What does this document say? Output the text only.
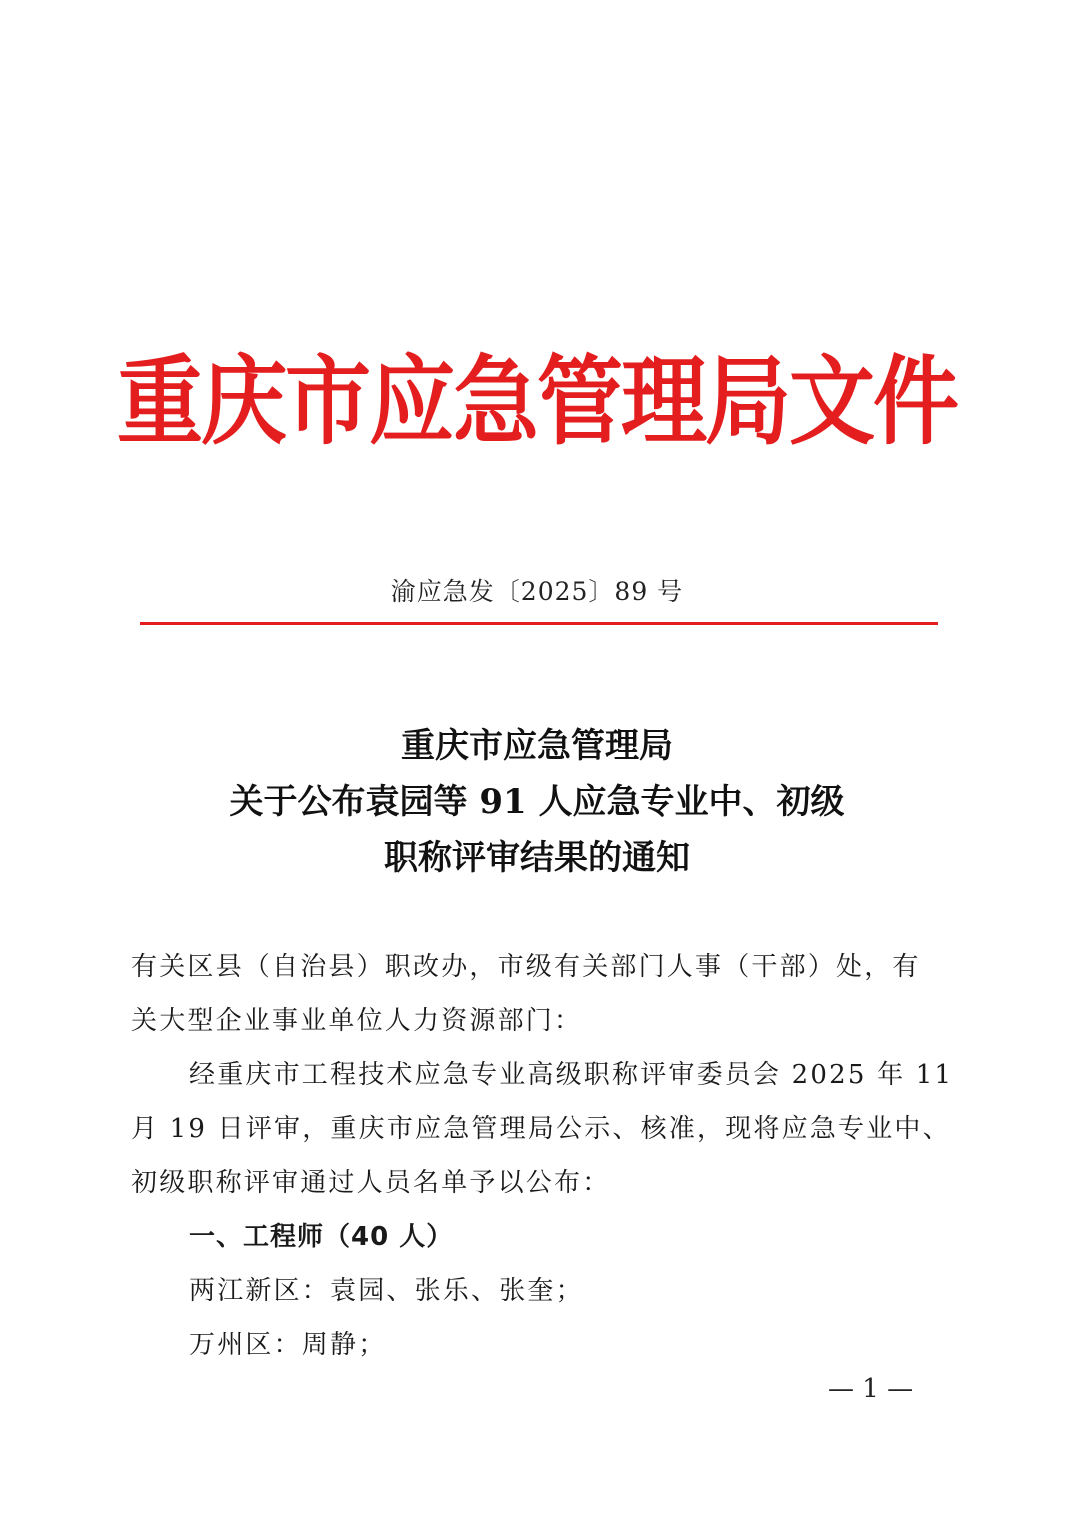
重庆市应急管理局文件
渝应急发〔2025〕89 号
重庆市应急管理局
关于公布袁园等 91 人应急专业中、初级
职称评审结果的通知

有关区县（自治县）职改办，市级有关部门人事（干部）处，有

关大型企业事业单位人力资源部门：

经重庆市工程技术应急专业高级职称评审委员会 2025 年 11

月 19 日评审，重庆市应急管理局公示、核准，现将应急专业中、

初级职称评审通过人员名单予以公布：

一、工程师（40 人）

两江新区：袁园、张乐、张奎；

万州区：周静；

— 1 —
